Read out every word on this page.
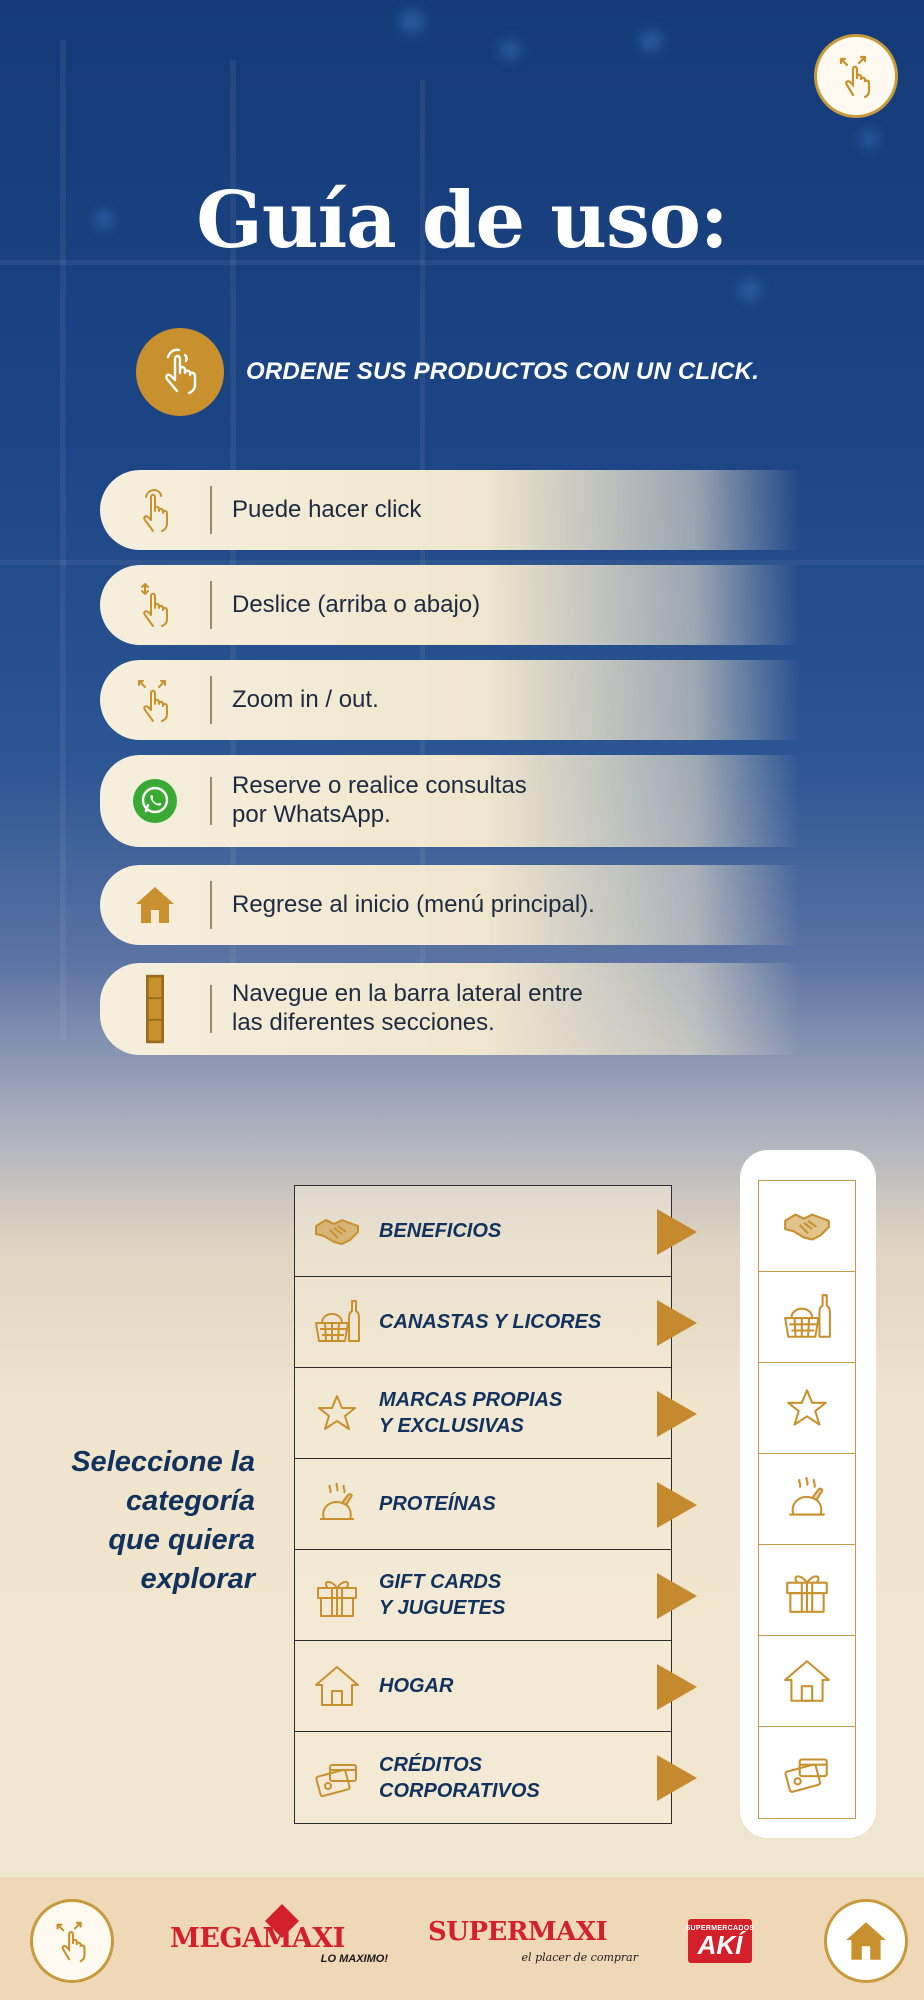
Guía de uso:
ORDENE SUS PRODUCTOS CON UN CLICK.
Puede hacer click
Deslice (arriba o abajo)
Zoom in / out.
Reserve o realice consultas
por WhatsApp.
Regrese al inicio (menú principal).
Navegue en la barra lateral entre
las diferentes secciones.
Seleccione la
categoría
que quiera
explorar
BENEFICIOS
CANASTAS Y LICORES
MARCAS PROPIAS
Y EXCLUSIVAS
PROTEÍNAS
GIFT CARDS
Y JUGUETES
HOGAR
CRÉDITOS
CORPORATIVOS
MEGAMAXI
LO MAXIMO!
SUPERMAXI
el placer de comprar
SUPERMERCADOS
AKÍ
